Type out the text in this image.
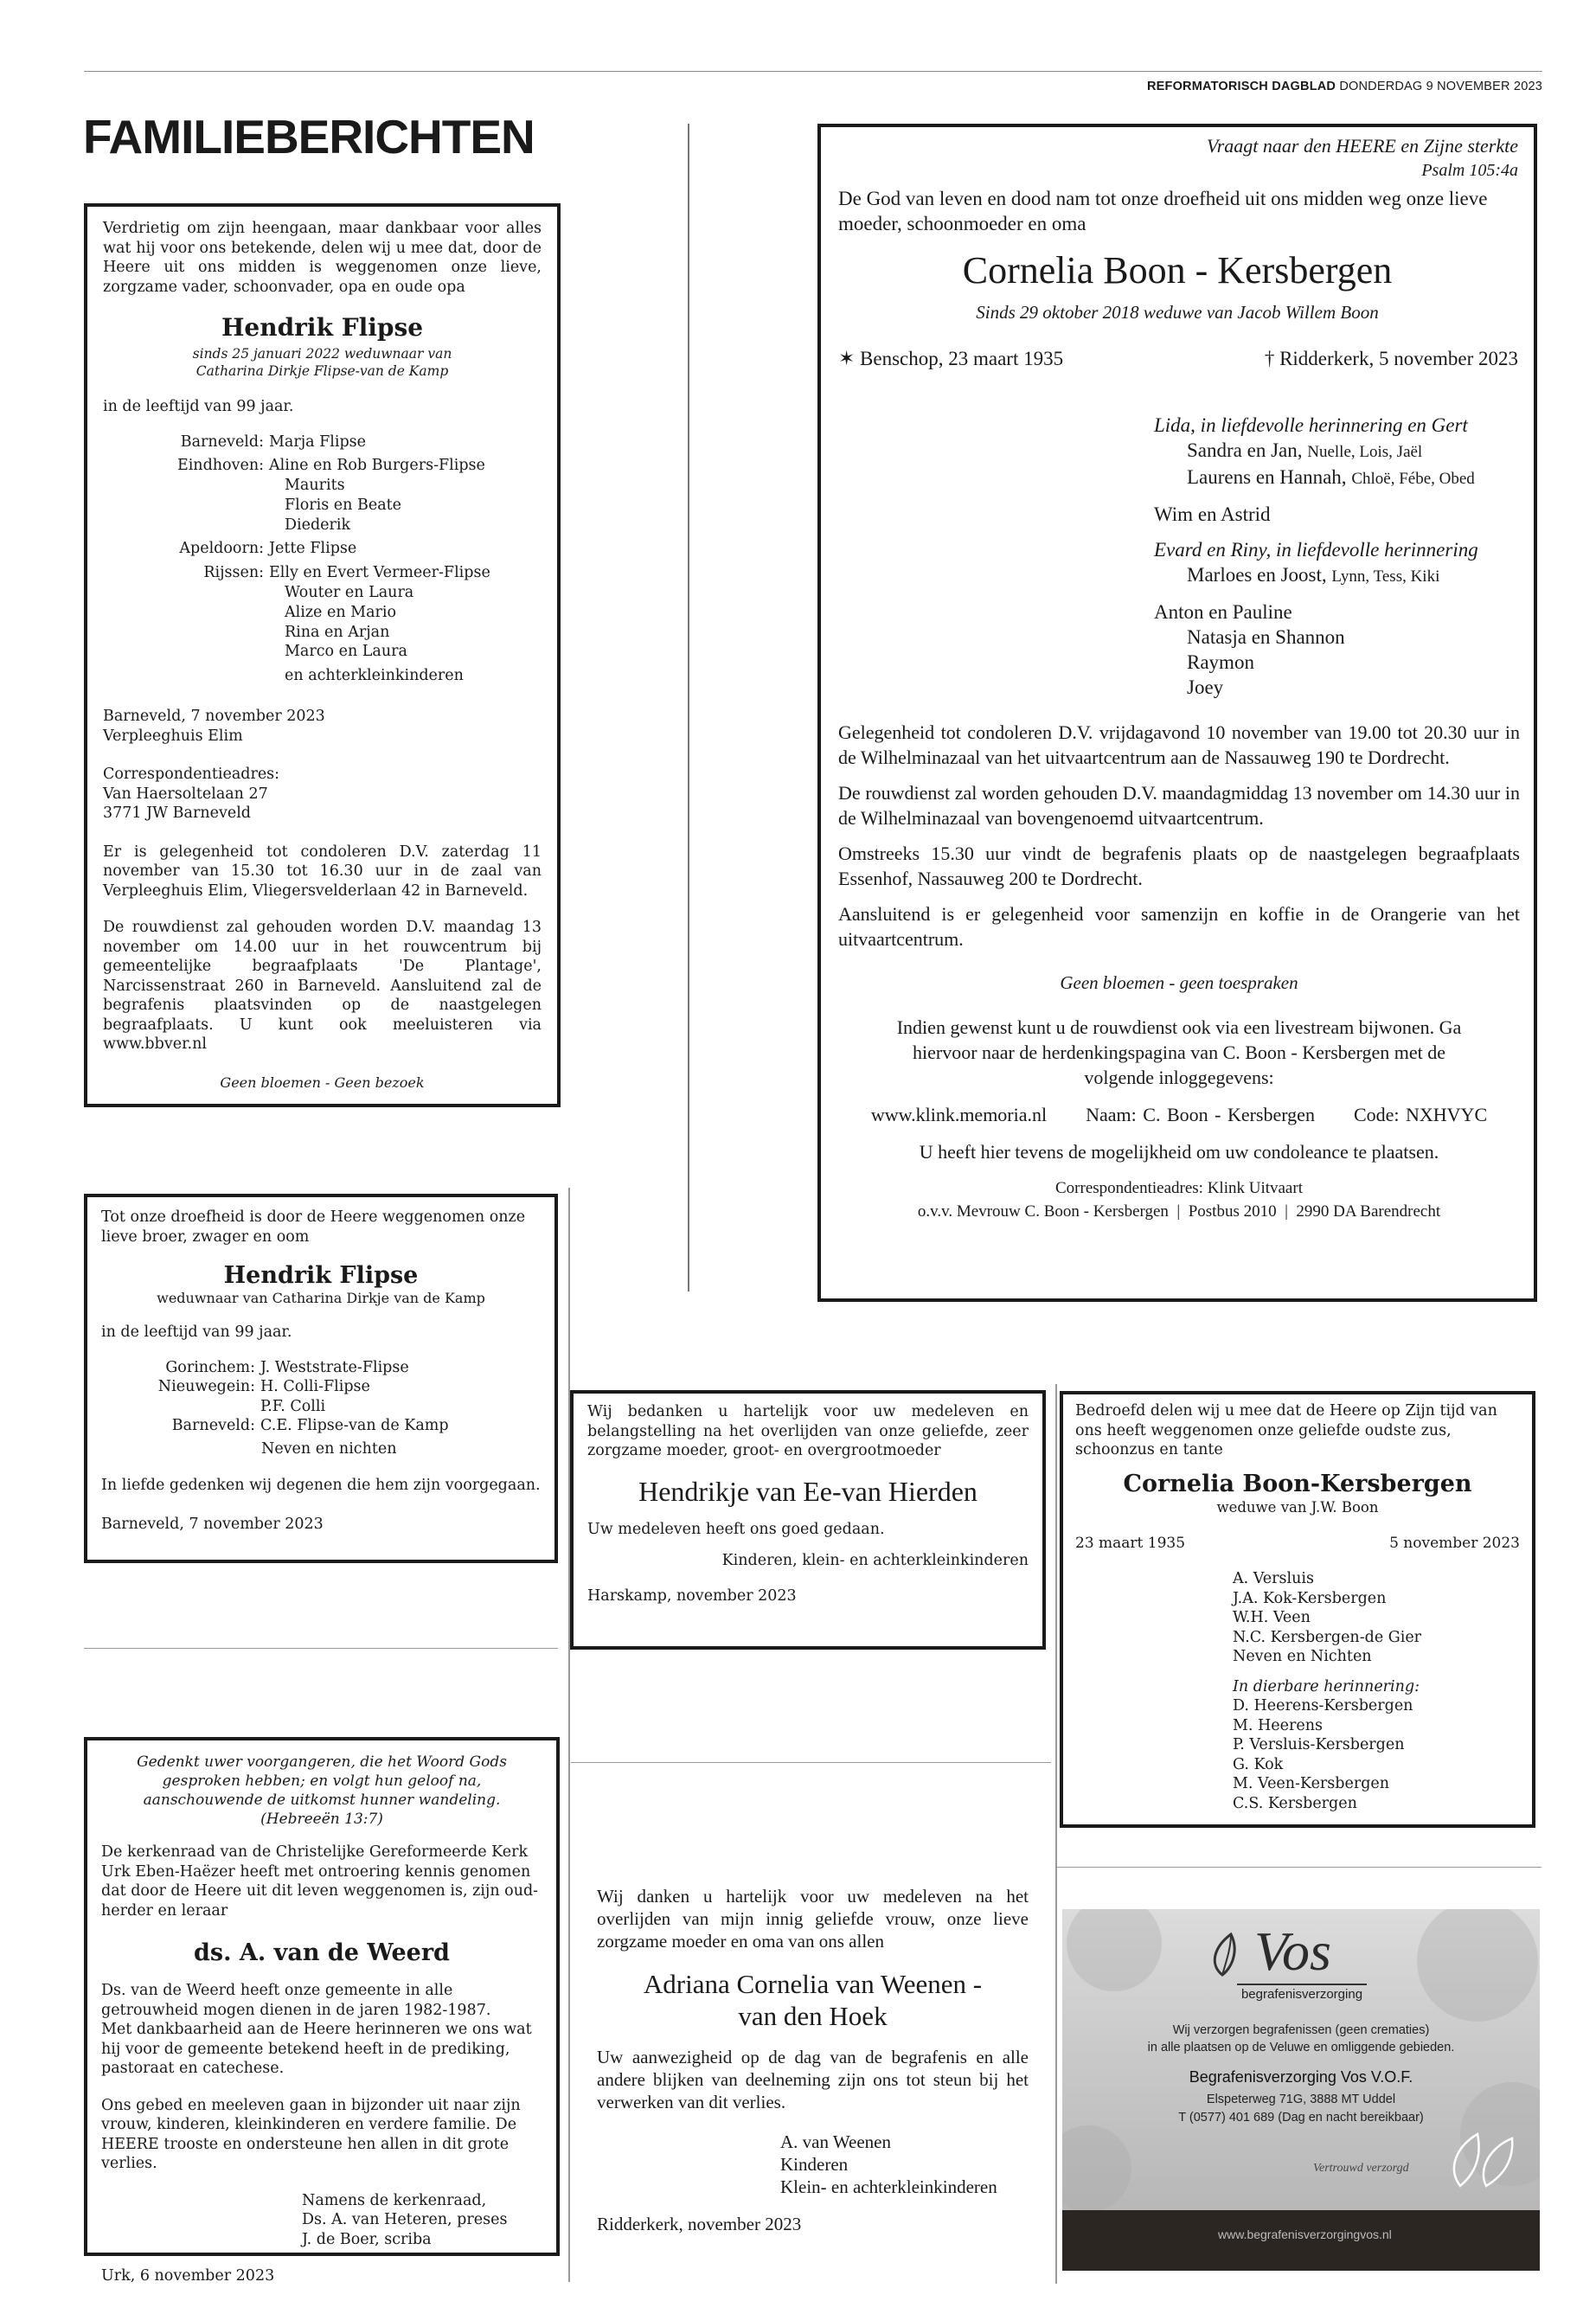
REFORMATORISCH DAGBLAD DONDERDAG 9 NOVEMBER 2023
FAMILIEBERICHTEN

Verdrietig om zijn heengaan, maar dankbaar voor alles wat hij voor ons betekende, delen wij u mee dat, door de Heere uit ons midden is weggenomen onze lieve, zorgzame vader, schoonvader, opa en oude opa

Hendrik Flipse
sinds 25 januari 2022 weduwnaar van
Catharina Dirkje Flipse-van de Kamp

in de leeftijd van 99 jaar.

Barneveld: Marja Flipse
Eindhoven: Aline en Rob Burgers-Flipse
Maurits
Floris en Beate
Diederik
Apeldoorn: Jette Flipse
Rijssen: Elly en Evert Vermeer-Flipse
Wouter en Laura
Alize en Mario
Rina en Arjan
Marco en Laura
en achterkleinkinderen

Barneveld, 7 november 2023

Verpleeghuis Elim

Correspondentieadres:

Van Haersoltelaan 27

3771 JW Barneveld

Er is gelegenheid tot condoleren D.V. zaterdag 11 november van 15.30 tot 16.30 uur in de zaal van Verpleeghuis Elim, Vliegersvelderlaan 42 in Barneveld.

De rouwdienst zal gehouden worden D.V. maandag 13 november om 14.00 uur in het rouwcentrum bij gemeentelijke begraafplaats 'De Plantage', Narcissenstraat 260 in Barneveld. Aansluitend zal de begrafenis plaatsvinden op de naastgelegen begraafplaats. U kunt ook meeluisteren via www.bbver.nl

Geen bloemen - Geen bezoek

Tot onze droefheid is door de Heere weggenomen onze lieve broer, zwager en oom

Hendrik Flipse
weduwnaar van Catharina Dirkje van de Kamp

in de leeftijd van 99 jaar.

Gorinchem: J. Weststrate-Flipse
Nieuwegein: H. Colli-Flipse
P.F. Colli
Barneveld: C.E. Flipse-van de Kamp
Neven en nichten

In liefde gedenken wij degenen die hem zijn voorgegaan.

Barneveld, 7 november 2023

Gedenkt uwer voorgangeren, die het Woord Gods gesproken hebben; en volgt hun geloof na, aanschouwende de uitkomst hunner wandeling. (Hebreeën 13:7)

De kerkenraad van de Christelijke Gereformeerde Kerk Urk Eben-Haëzer heeft met ontroering kennis genomen dat door de Heere uit dit leven weggenomen is, zijn oud-herder en leraar

ds. A. van de Weerd

Ds. van de Weerd heeft onze gemeente in alle getrouwheid mogen dienen in de jaren 1982-1987.

Met dankbaarheid aan de Heere herinneren we ons wat hij voor de gemeente betekend heeft in de prediking, pastoraat en catechese.

Ons gebed en meeleven gaan in bijzonder uit naar zijn vrouw, kinderen, kleinkinderen en verdere familie. De HEERE trooste en ondersteune hen allen in dit grote verlies.

Namens de kerkenraad,
Ds. A. van Heteren, preses
J. de Boer, scriba

Urk, 6 november 2023

Vraagt naar den HEERE en Zijne sterkte
Psalm 105:4a

De God van leven en dood nam tot onze droefheid uit ons midden weg onze lieve moeder, schoonmoeder en oma

Cornelia Boon - Kersbergen
Sinds 29 oktober 2018 weduwe van Jacob Willem Boon
✶ Benschop, 23 maart 1935	† Ridderkerk, 5 november 2023
Lida, in liefdevolle herinnering en Gert
Sandra en Jan, Nuelle, Lois, Jaël
Laurens en Hannah, Chloë, Fébe, Obed
Wim en Astrid
Evard en Riny, in liefdevolle herinnering
Marloes en Joost, Lynn, Tess, Kiki
Anton en Pauline
Natasja en Shannon
Raymon
Joey

Gelegenheid tot condoleren D.V. vrijdagavond 10 november van 19.00 tot 20.30 uur in de Wilhelminazaal van het uitvaartcentrum aan de Nassauweg 190 te Dordrecht.

De rouwdienst zal worden gehouden D.V. maandagmiddag 13 november om 14.30 uur in de Wilhelminazaal van bovengenoemd uitvaartcentrum.

Omstreeks 15.30 uur vindt de begrafenis plaats op de naastgelegen begraafplaats Essenhof, Nassauweg 200 te Dordrecht.

Aansluitend is er gelegenheid voor samenzijn en koffie in de Orangerie van het uitvaartcentrum.

Geen bloemen - geen toespraken

Indien gewenst kunt u de rouwdienst ook via een livestream bijwonen. Ga hiervoor naar de herdenkingspagina van C. Boon - Kersbergen met de volgende inloggegevens:

www.klink.memoria.nl Naam: C. Boon - Kersbergen Code: NXHVYC

U heeft hier tevens de mogelijkheid om uw condoleance te plaatsen.

Correspondentieadres: Klink Uitvaart

o.v.v. Mevrouw C. Boon - Kersbergen  |  Postbus 2010  |  2990 DA Barendrecht

Wij bedanken u hartelijk voor uw medeleven en belangstelling na het overlijden van onze geliefde, zeer zorgzame moeder, groot- en overgrootmoeder

Hendrikje van Ee-van Hierden

Uw medeleven heeft ons goed gedaan.

Kinderen, klein- en achterkleinkinderen

Harskamp, november 2023

Bedroefd delen wij u mee dat de Heere op Zijn tijd van ons heeft weggenomen onze geliefde oudste zus, schoonzus en tante

Cornelia Boon-Kersbergen
weduwe van J.W. Boon
23 maart 1935	5 november 2023
A. Versluis
J.A. Kok-Kersbergen
W.H. Veen
N.C. Kersbergen-de Gier
Neven en Nichten
In dierbare herinnering:
D. Heerens-Kersbergen
M. Heerens
P. Versluis-Kersbergen
G. Kok
M. Veen-Kersbergen
C.S. Kersbergen

Wij danken u hartelijk voor uw medeleven na het overlijden van mijn innig geliefde vrouw, onze lieve zorgzame moeder en oma van ons allen

Adriana Cornelia van Weenen -
van den Hoek

Uw aanwezigheid op de dag van de begrafenis en alle andere blijken van deelneming zijn ons tot steun bij het verwerken van dit verlies.

A. van Weenen
Kinderen
Klein- en achterkleinkinderen

Ridderkerk, november 2023

Vos
begrafenisverzorging
Wij verzorgen begrafenissen (geen crematies)
in alle plaatsen op de Veluwe en omliggende gebieden.
Begrafenisverzorging Vos V.O.F.
Elspeterweg 71G, 3888 MT Uddel
T (0577) 401 689 (Dag en nacht bereikbaar)
Vertrouwd verzorgd
www.begrafenisverzorgingvos.nl
